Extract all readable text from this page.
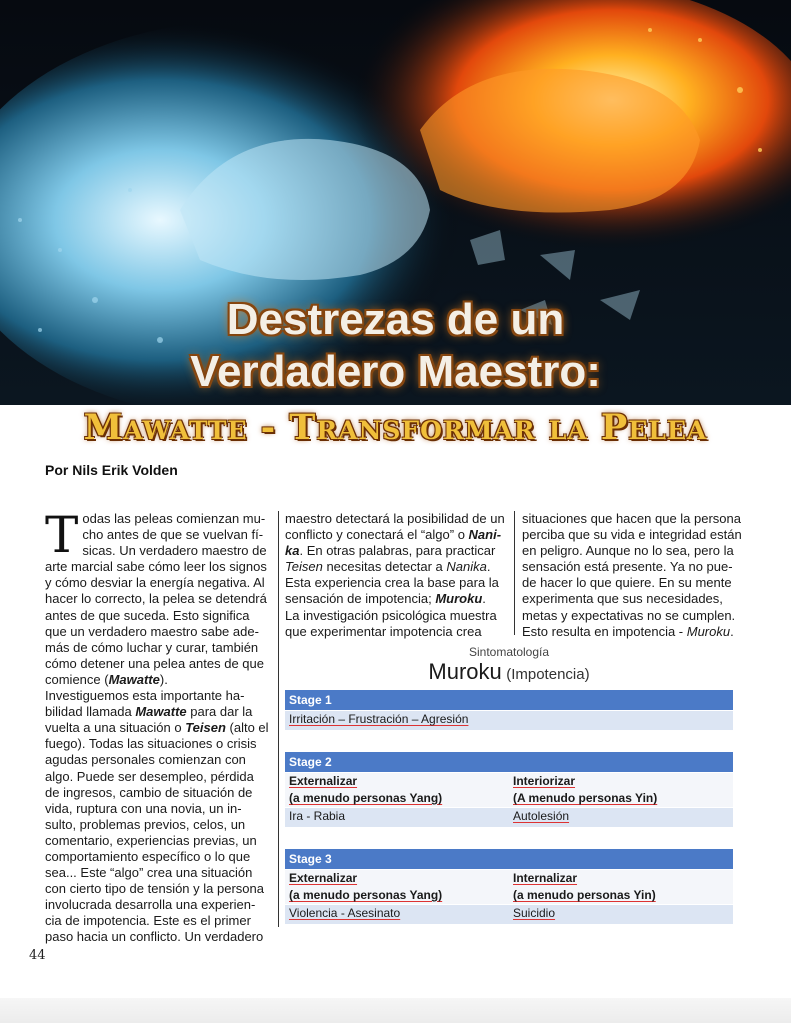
Destrezas de un
Verdadero Maestro:
Mawatte - Transformar la Pelea
Por Nils Erik Volden

Todas las peleas comienzan mu- cho antes de que se vuelvan fí- sicas. Un verdadero maestro de arte marcial sabe cómo leer los signos y cómo desviar la energía negativa. Al hacer lo correcto, la pelea se detendrá antes de que suceda. Esto significa que un verdadero maestro sabe ade- más de cómo luchar y curar, también cómo detener una pelea antes de que comience (Mawatte).

Investiguemos esta importante ha- bilidad llamada Mawatte para dar la vuelta a una situación o Teisen (alto el fuego). Todas las situaciones o crisis agudas personales comienzan con algo. Puede ser desempleo, pérdida de ingresos, cambio de situación de vida, ruptura con una novia, un in- sulto, problemas previos, celos, un comentario, experiencias previas, un comportamiento específico o lo que sea... Este “algo” crea una situación con cierto tipo de tensión y la persona involucrada desarrolla una experien- cia de impotencia. Este es el primer paso hacia un conflicto. Un verdadero

maestro detectará la posibilidad de un conflicto y conectará el “algo” o Nani- ka. En otras palabras, para practicar Teisen necesitas detectar a Nanika. Esta experiencia crea la base para la sensación de impotencia; Muroku.

La investigación psicológica muestra que experimentar impotencia crea

situaciones que hacen que la persona perciba que su vida e integridad están en peligro. Aunque no lo sea, pero la sensación está presente. Ya no pue- de hacer lo que quiere. En su mente experimenta que sus necesidades, metas y expectativas no se cumplen. Esto resulta en impotencia - Muroku.

Sintomatología
Muroku (Impotencia)
Stage 1
Irritación – Frustración – Agresión
Stage 2
Externalizar
(a menudo personas Yang)
Interiorizar
(A menudo personas Yin)
Ira - Rabia	Autolesión
Stage 3
Externalizar
(a menudo personas Yang)
Internalizar
(a menudo personas Yin)
Violencia - Asesinato	Suicidio
44
